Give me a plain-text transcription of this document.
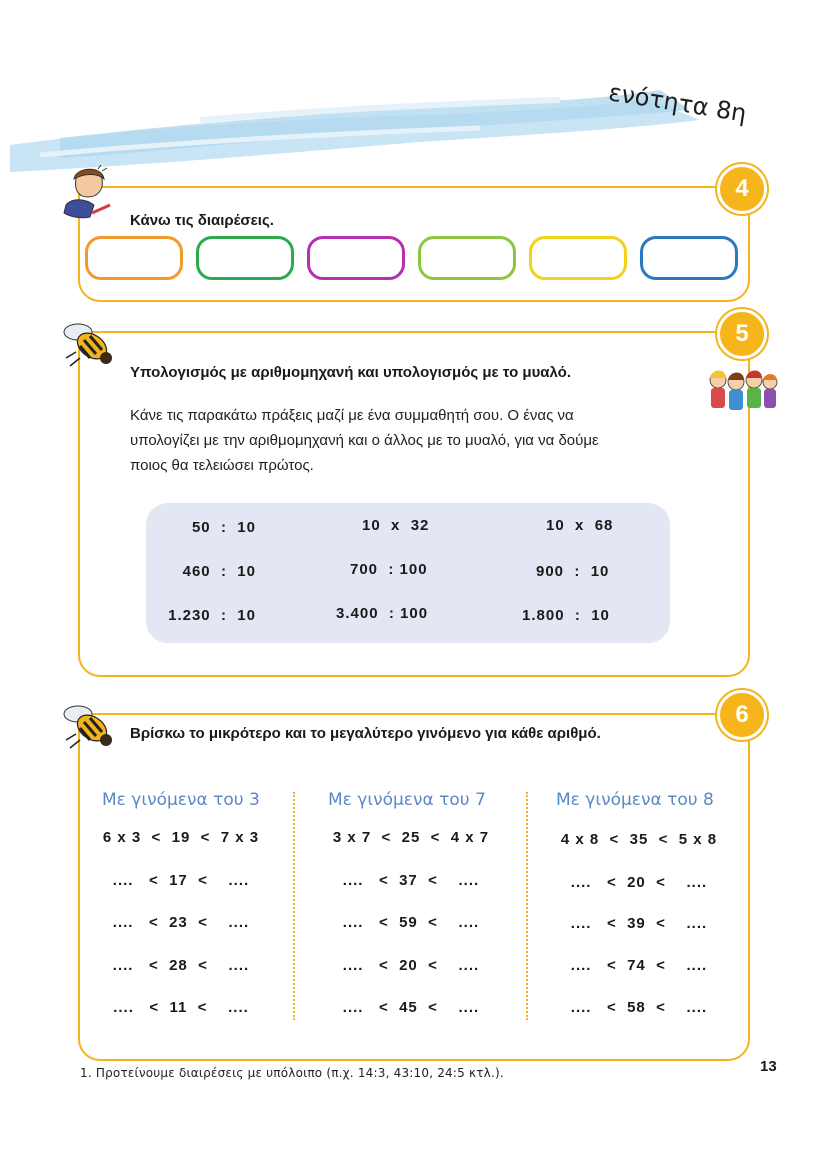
ενότητα 8η
4
Κάνω τις διαιρέσεις.
5
Υπολογισμός με αριθμομηχανή και υπολογισμός με το μυαλό.
Κάνε τις παρακάτω πράξεις μαζί με ένα συμμαθητή σου. Ο ένας να
υπολογίζει με την αριθμομηχανή και ο άλλος με το μυαλό, για να δούμε
ποιος θα τελειώσει πρώτος.
50  :  10	10  x  32	10  x  68
460  :  10	700  : 100	900  :  10
1.230  :  10	3.400  : 100	1.800  :  10
6
Βρίσκω το μικρότερο και το μεγαλύτερο γινόμενο για κάθε αριθμό.
Με γινόμενα του 3
6 x 3  <  19  <  7 x 3
....   <  17  <    ....
....   <  23  <    ....
....   <  28  <    ....
....   <  11  <    ....
Με γινόμενα του 7
3 x 7  <  25  <  4 x 7
....   <  37  <    ....
....   <  59  <    ....
....   <  20  <    ....
....   <  45  <    ....
Με γινόμενα του 8
4 x 8  <  35  <  5 x 8
....   <  20  <    ....
....   <  39  <    ....
....   <  74  <    ....
....   <  58  <    ....
1. Προτείνουμε διαιρέσεις με υπόλοιπο (π.χ. 14:3, 43:10, 24:5 κτλ.).	13
